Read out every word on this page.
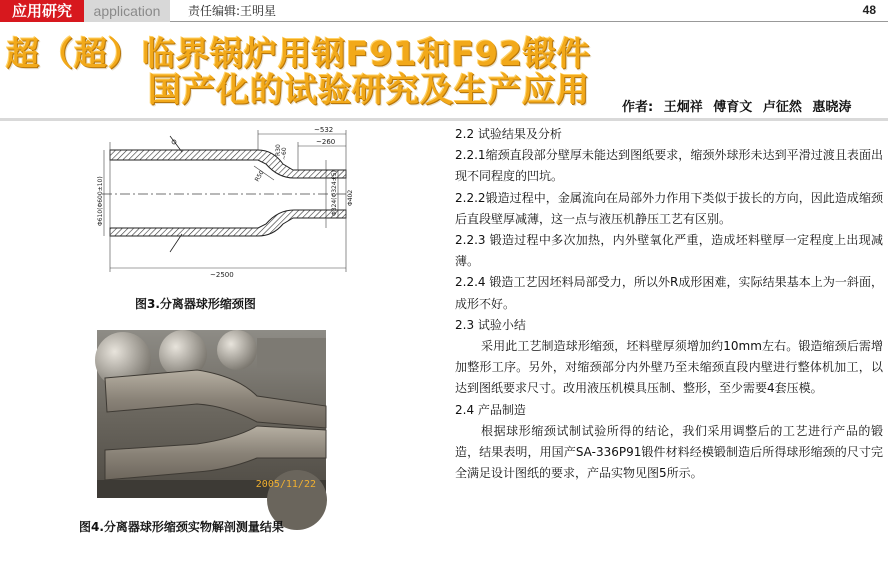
应用研究	application	责任编辑:王明星	48
超（超）临界锅炉用钢F91和F92锻件
国产化的试验研究及生产应用 作者: 王炯祥 傅育文 卢征然 惠晓涛
~532
~260
~2500
R30
R50
~60
Φ610(Φ600±10)	Φ324(Φ324±5) Φ402
图3.分离器球形缩颈图
2005/11/22
图4.分离器球形缩颈实物解剖测量结果

2.2 试验结果及分析

2.2.1缩颈直段部分壁厚未能达到图纸要求，缩颈外球形未达到平滑过渡且表面出现不同程度的凹坑。

2.2.2锻造过程中，金属流向在局部外力作用下类似于拔长的方向，因此造成缩颈后直段壁厚减薄，这一点与液压机静压工艺有区别。

2.2.3 锻造过程中多次加热，内外壁氧化严重，造成坯料壁厚一定程度上出现减薄。

2.2.4 锻造工艺因坯料局部受力，所以外R成形困难，实际结果基本上为一斜面，成形不好。

2.3 试验小结

采用此工艺制造球形缩颈，坯料壁厚须增加约10mm左右。锻造缩颈后需增加整形工序。另外，对缩颈部分内外壁乃至未缩颈直段内壁进行整体机加工，以达到图纸要求尺寸。改用液压机模具压制、整形，至少需要4套压模。

2.4 产品制造

根据球形缩颈试制试验所得的结论，我们采用调整后的工艺进行产品的锻造，结果表明，用国产SA-336P91锻件材料经模锻制造后所得球形缩颈的尺寸完全满足设计图纸的要求，产品实物见图5所示。
